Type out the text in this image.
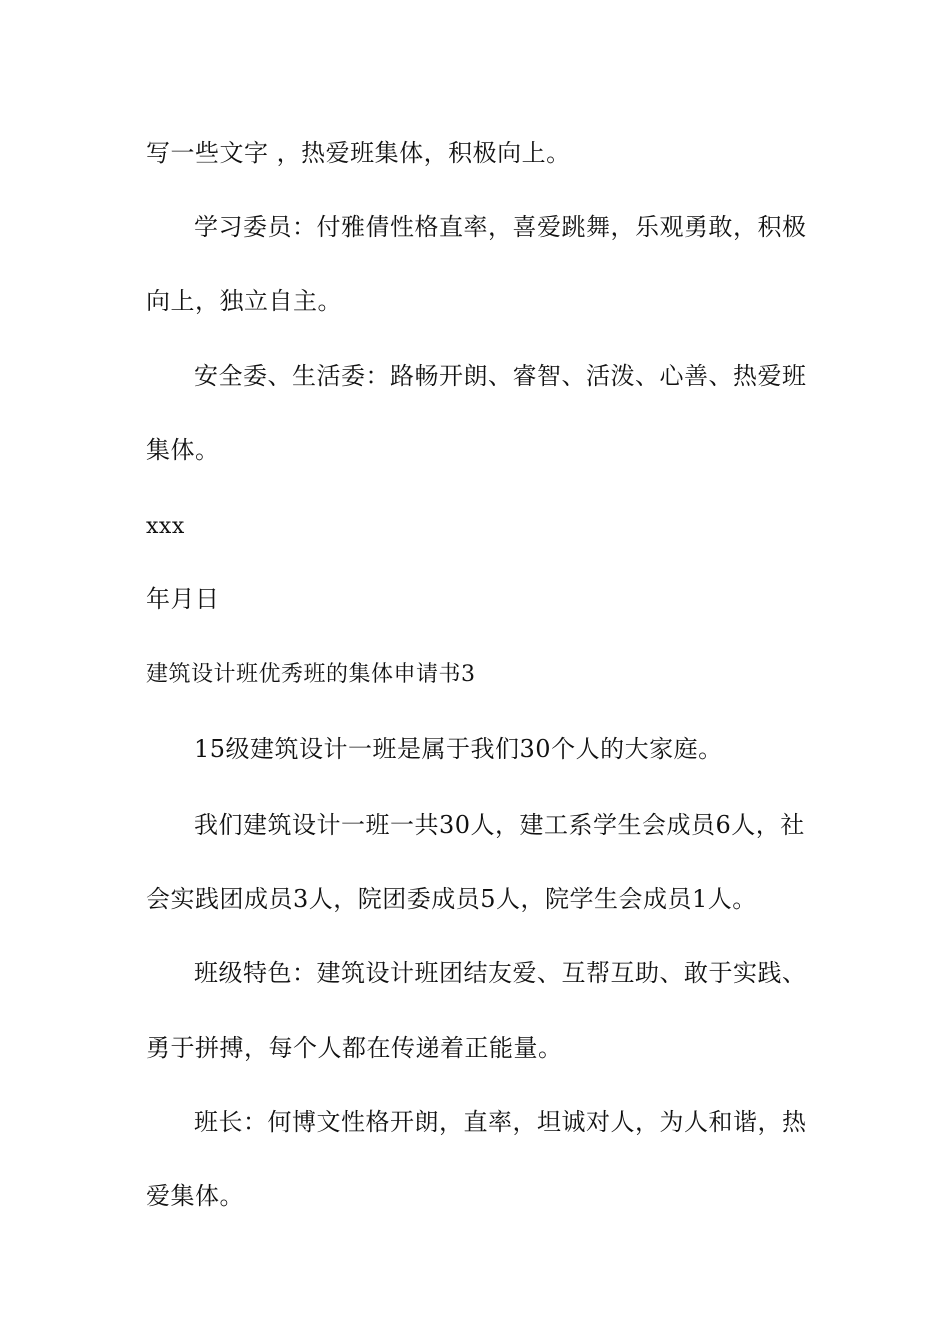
写一些文字 ，热爱班集体，积极向上。
学习委员：付雅倩性格直率，喜爱跳舞，乐观勇敢，积极
向上，独立自主。
安全委、生活委：路畅开朗、睿智、活泼、心善、热爱班
集体。
xxx
年月日
建筑设计班优秀班的集体申请书3
15级建筑设计一班是属于我们30个人的大家庭。
我们建筑设计一班一共30人，建工系学生会成员6人，社
会实践团成员3人，院团委成员5人，院学生会成员1人。
班级特色：建筑设计班团结友爱、互帮互助、敢于实践、
勇于拼搏，每个人都在传递着正能量。
班长：何博文性格开朗，直率，坦诚对人，为人和谐，热
爱集体。
